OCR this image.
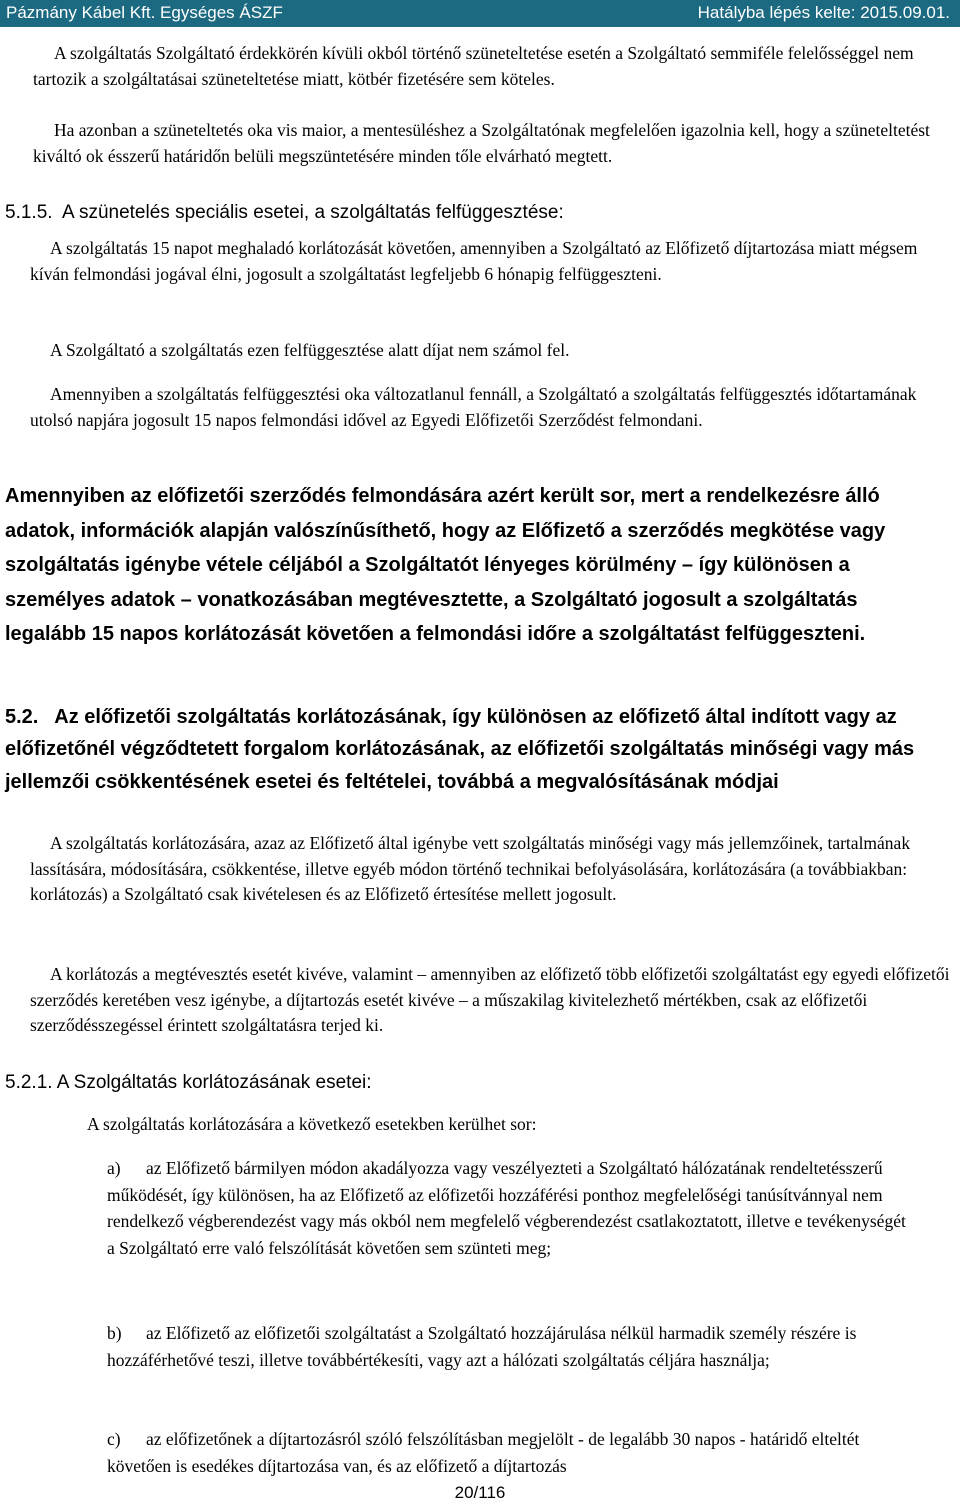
Pázmány Kábel Kft. Egységes ÁSZF	Hatályba lépés kelte: 2015.09.01.
A szolgáltatás Szolgáltató érdekkörén kívüli okból történő szüneteltetése esetén a Szolgáltató semmiféle felelősséggel nem tartozik a szolgáltatásai szüneteltetése miatt, kötbér fizetésére sem köteles.
Ha azonban a szüneteltetés oka vis maior, a mentesüléshez a Szolgáltatónak megfelelően igazolnia kell, hogy a szüneteltetést kiváltó ok ésszerű határidőn belüli megszüntetésére minden tőle elvárható megtett.
5.1.5.  A szünetelés speciális esetei, a szolgáltatás felfüggesztése:
A szolgáltatás 15 napot meghaladó korlátozását követően, amennyiben a Szolgáltató az Előfizető díjtartozása miatt mégsem kíván felmondási jogával élni, jogosult a szolgáltatást legfeljebb 6 hónapig felfüggeszteni.
A Szolgáltató a szolgáltatás ezen felfüggesztése alatt díjat nem számol fel.
Amennyiben a szolgáltatás felfüggesztési oka változatlanul fennáll, a Szolgáltató a szolgáltatás felfüggesztés időtartamának utolsó napjára jogosult 15 napos felmondási idővel az Egyedi Előfizetői Szerződést felmondani.
Amennyiben az előfizetői szerződés felmondására azért került sor, mert a rendelkezésre álló adatok, információk alapján valószínűsíthető, hogy az Előfizető a szerződés megkötése vagy szolgáltatás igénybe vétele céljából a Szolgáltatót lényeges körülmény – így különösen a személyes adatok – vonatkozásában megtévesztette, a Szolgáltató jogosult a szolgáltatás legalább 15 napos korlátozását követően a felmondási időre a szolgáltatást felfüggeszteni.
5.2.   Az előfizetői szolgáltatás korlátozásának, így különösen az előfizető által indított vagy az előfizetőnél végződtetett forgalom korlátozásának, az előfizetői szolgáltatás minőségi vagy más jellemzői csökkentésének esetei és feltételei, továbbá a megvalósításának módjai
A szolgáltatás korlátozására, azaz az Előfizető által igénybe vett szolgáltatás minőségi vagy más jellemzőinek, tartalmának lassítására, módosítására, csökkentése, illetve egyéb módon történő technikai befolyásolására, korlátozására (a továbbiakban: korlátozás) a Szolgáltató csak kivételesen és az Előfizető értesítése mellett jogosult.
A korlátozás a megtévesztés esetét kivéve, valamint – amennyiben az előfizető több előfizetői szolgáltatást egy egyedi előfizetői szerződés keretében vesz igénybe, a díjtartozás esetét kivéve – a műszakilag kivitelezhető mértékben, csak az előfizetői szerződésszegéssel érintett szolgáltatásra terjed ki.
5.2.1. A Szolgáltatás korlátozásának esetei:
A szolgáltatás korlátozására a következő esetekben kerülhet sor:
a) az Előfizető bármilyen módon akadályozza vagy veszélyezteti a Szolgáltató hálózatának rendeltetésszerű működését, így különösen, ha az Előfizető az előfizetői hozzáférési ponthoz megfelelőségi tanúsítvánnyal nem rendelkező végberendezést vagy más okból nem megfelelő végberendezést csatlakoztatott, illetve e tevékenységét a Szolgáltató erre való felszólítását követően sem szünteti meg;
b) az Előfizető az előfizetői szolgáltatást a Szolgáltató hozzájárulása nélkül harmadik személy részére is hozzáférhetővé teszi, illetve továbbértékesíti, vagy azt a hálózati szolgáltatás céljára használja;
c) az előfizetőnek a díjtartozásról szóló felszólításban megjelölt - de legalább 30 napos - határidő elteltét követően is esedékes díjtartozása van, és az előfizető a díjtartozás
20/116
